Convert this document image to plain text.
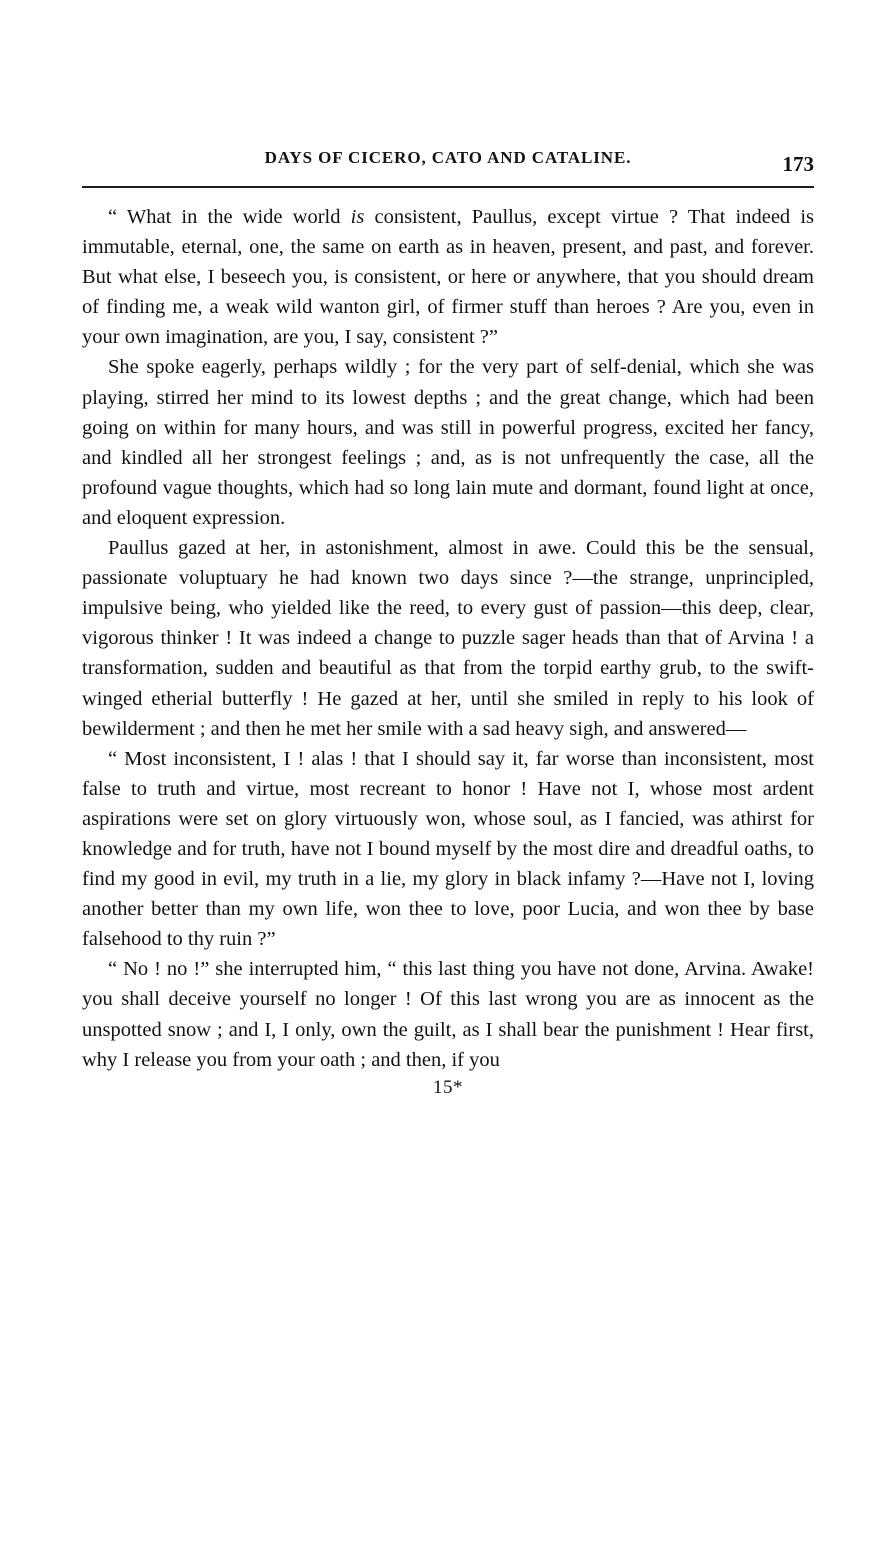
DAYS OF CICERO, CATO AND CATALINE.	173

“ What in the wide world is consistent, Paullus, except virtue ? That indeed is immutable, eternal, one, the same on earth as in heaven, present, and past, and forever. But what else, I beseech you, is consistent, or here or anywhere, that you should dream of finding me, a weak wild wanton girl, of firmer stuff than heroes ? Are you, even in your own imagination, are you, I say, consistent ?”

She spoke eagerly, perhaps wildly ; for the very part of self-denial, which she was playing, stirred her mind to its lowest depths ; and the great change, which had been going on within for many hours, and was still in powerful progress, excited her fancy, and kindled all her strongest feelings ; and, as is not unfrequently the case, all the profound vague thoughts, which had so long lain mute and dormant, found light at once, and eloquent expression.

Paullus gazed at her, in astonishment, almost in awe. Could this be the sensual, passionate voluptuary he had known two days since ?—the strange, unprincipled, impulsive being, who yielded like the reed, to every gust of passion—this deep, clear, vigorous thinker ! It was indeed a change to puzzle sager heads than that of Arvina ! a transformation, sudden and beautiful as that from the torpid earthy grub, to the swift-winged etherial butterfly ! He gazed at her, until she smiled in reply to his look of bewilderment ; and then he met her smile with a sad heavy sigh, and answered—

“ Most inconsistent, I ! alas ! that I should say it, far worse than inconsistent, most false to truth and virtue, most recreant to honor ! Have not I, whose most ardent aspirations were set on glory virtuously won, whose soul, as I fancied, was athirst for knowledge and for truth, have not I bound myself by the most dire and dreadful oaths, to find my good in evil, my truth in a lie, my glory in black infamy ?—Have not I, loving another better than my own life, won thee to love, poor Lucia, and won thee by base falsehood to thy ruin ?”

“ No ! no !” she interrupted him, “ this last thing you have not done, Arvina. Awake! you shall deceive yourself no longer ! Of this last wrong you are as innocent as the unspotted snow ; and I, I only, own the guilt, as I shall bear the punishment ! Hear first, why I release you from your oath ; and then, if you

15*
